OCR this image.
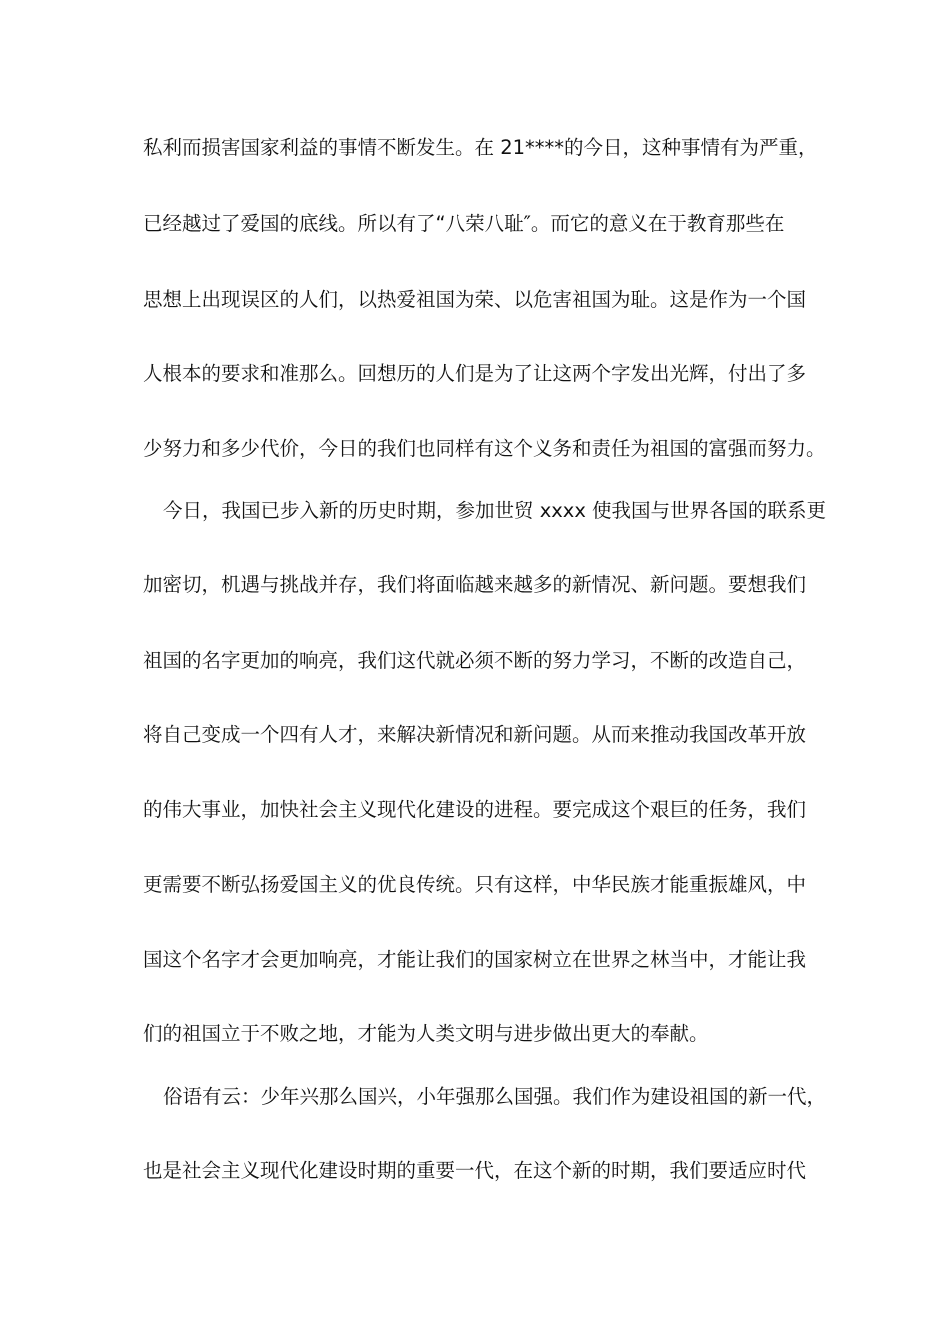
私利而损害国家利益的事情不断发生。在 21****的今日，这种事情有为严重，
已经越过了爱国的底线。所以有了“八荣八耻″。而它的意义在于教育那些在
思想上出现误区的人们，以热爱祖国为荣、以危害祖国为耻。这是作为一个国
人根本的要求和准那么。回想历的人们是为了让这两个字发出光辉，付出了多
少努力和多少代价，今日的我们也同样有这个义务和责任为祖国的富强而努力。
今日，我国已步入新的历史时期，参加世贸 xxxx 使我国与世界各国的联系更
加密切，机遇与挑战并存，我们将面临越来越多的新情况、新问题。要想我们
祖国的名字更加的响亮，我们这代就必须不断的努力学习，不断的改造自己，
将自己变成一个四有人才，来解决新情况和新问题。从而来推动我国改革开放
的伟大事业，加快社会主义现代化建设的进程。要完成这个艰巨的任务，我们
更需要不断弘扬爱国主义的优良传统。只有这样，中华民族才能重振雄风，中
国这个名字才会更加响亮，才能让我们的国家树立在世界之林当中，才能让我
们的祖国立于不败之地，才能为人类文明与进步做出更大的奉献。
俗语有云：少年兴那么国兴，小年强那么国强。我们作为建设祖国的新一代，
也是社会主义现代化建设时期的重要一代，在这个新的时期，我们要适应时代
